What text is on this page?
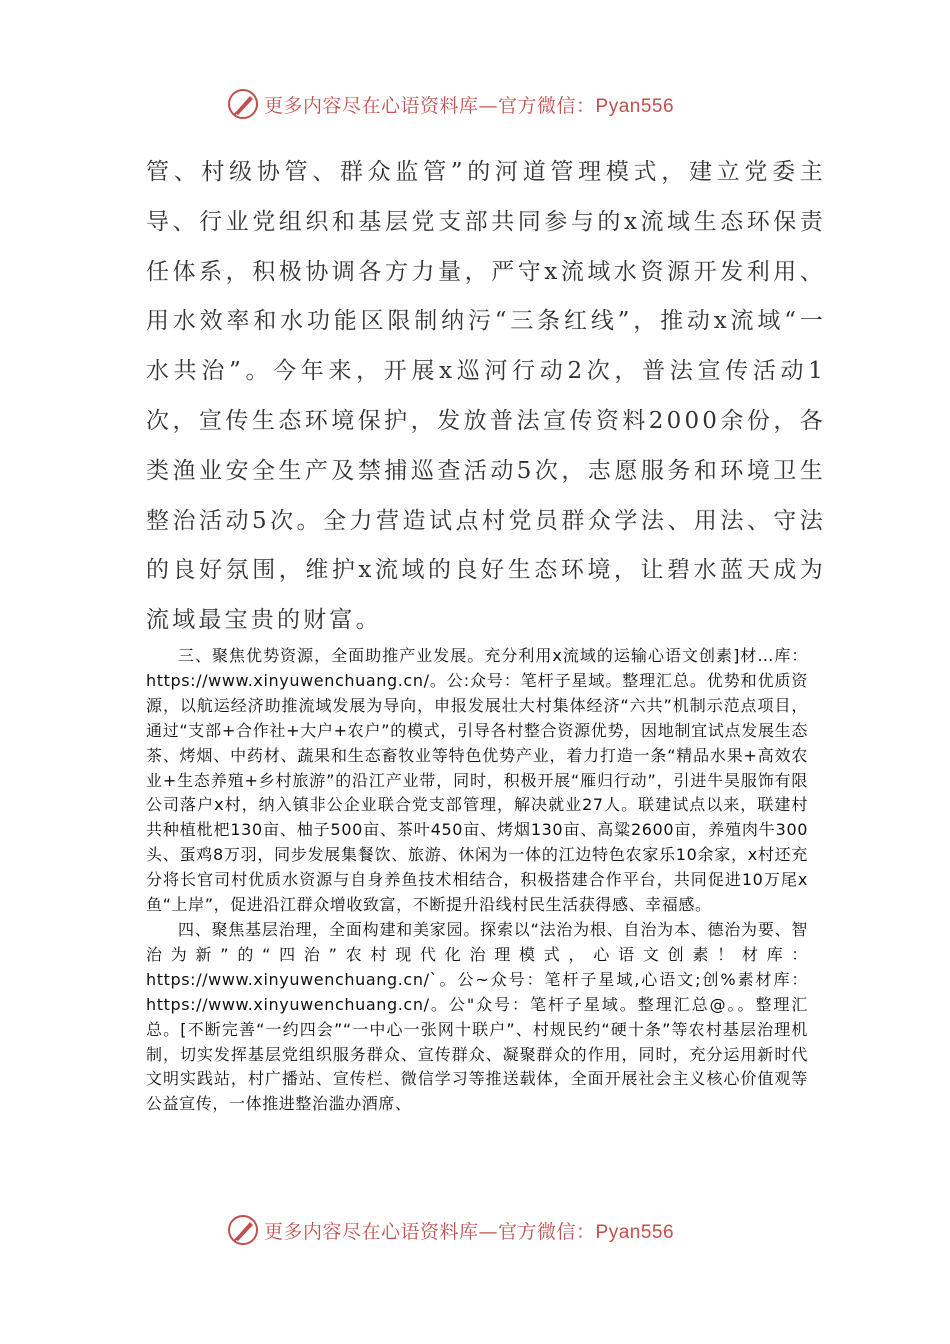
更多内容尽在心语资料库—官方微信：Pyan556

管、村级协管、群众监管”的河道管理模式，建立党委主导、行业党组织和基层党支部共同参与的x流域生态环保责任体系，积极协调各方力量，严守x流域水资源开发利用、用水效率和水功能区限制纳污“三条红线”，推动x流域“一水共治”。今年来，开展x巡河行动2次，普法宣传活动1次，宣传生态环境保护，发放普法宣传资料2000余份，各类渔业安全生产及禁捕巡查活动5次，志愿服务和环境卫生整治活动5次。全力营造试点村党员群众学法、用法、守法的良好氛围，维护x流域的良好生态环境，让碧水蓝天成为流域最宝贵的财富。

三、聚焦优势资源，全面助推产业发展。充分利用x流域的运输心语文创素]材…库：https://www.xinyuwenchuang.cn/。公:众号：笔杆子星域。整理汇总。优势和优质资源，以航运经济助推流域发展为导向，申报发展壮大村集体经济“六共”机制示范点项目，通过“支部+合作社+大户+农户”的模式，引导各村整合资源优势，因地制宜试点发展生态茶、烤烟、中药材、蔬果和生态畜牧业等特色优势产业，着力打造一条“精品水果+高效农业+生态养殖+乡村旅游”的沿江产业带，同时，积极开展“雁归行动”，引进牛昊服饰有限公司落户x村，纳入镇非公企业联合党支部管理，解决就业27人。联建试点以来，联建村共种植枇杷130亩、柚子500亩、茶叶450亩、烤烟130亩、高粱2600亩，养殖肉牛300头、蛋鸡8万羽，同步发展集餐饮、旅游、休闲为一体的江边特色农家乐10余家，x村还充分将长官司村优质水资源与自身养鱼技术相结合，积极搭建合作平台，共同促进10万尾x鱼“上岸”，促进沿江群众增收致富，不断提升沿线村民生活获得感、幸福感。

四、聚焦基层治理，全面构建和美家园。探索以“法治为根、自治为本、德治为要、智治为新”的“四治”农村现代化治理模式，心语文创素！材库：https://www.xinyuwenchuang.cn/`。公~众号：笔杆子星域,心语文;创%素材库：https://www.xinyuwenchuang.cn/。公"众号：笔杆子星域。整理汇总@。。整理汇总。[不断完善“一约四会”“一中心一张网十联户”、村规民约“硬十条”等农村基层治理机制，切实发挥基层党组织服务群众、宣传群众、凝聚群众的作用，同时，充分运用新时代文明实践站，村广播站、宣传栏、微信学习等推送载体，全面开展社会主义核心价值观等公益宣传，一体推进整治滥办酒席、

更多内容尽在心语资料库—官方微信：Pyan556
